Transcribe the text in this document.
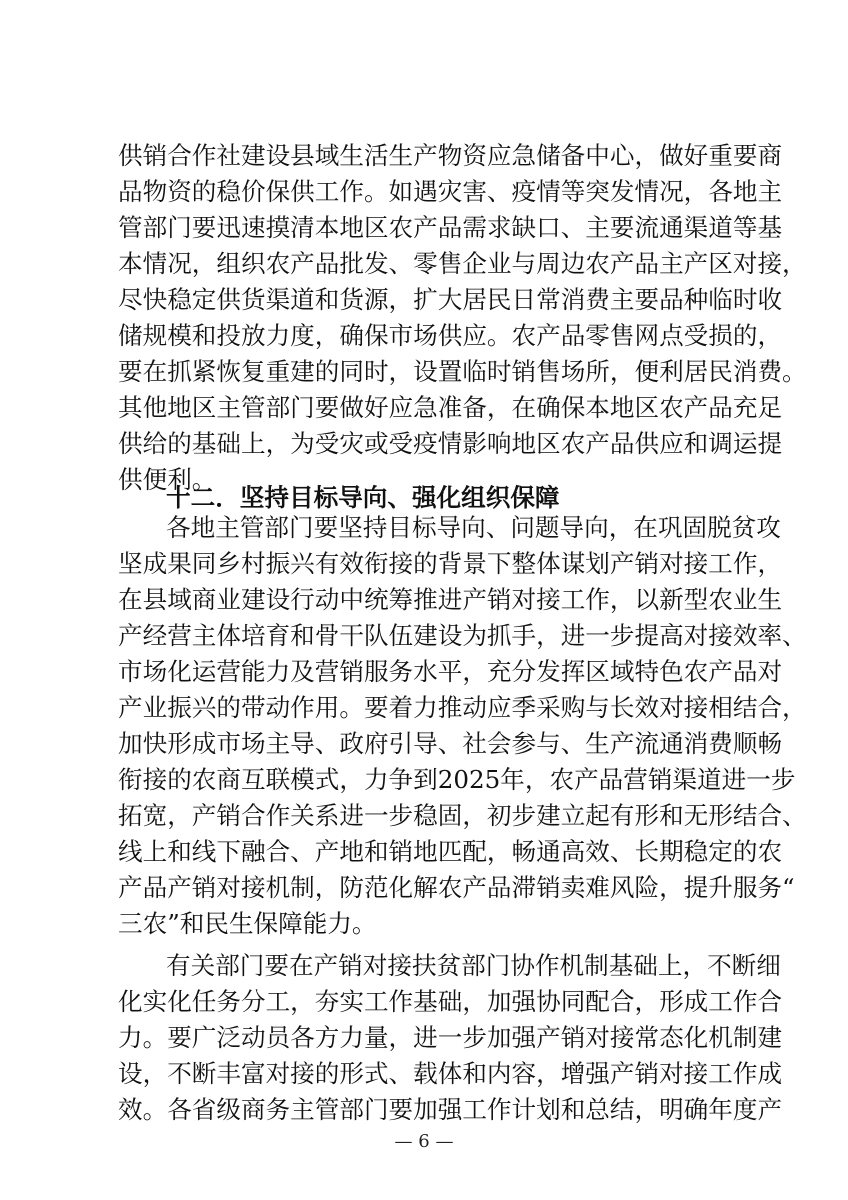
供销合作社建设县域生活生产物资应急储备中心，做好重要商
品物资的稳价保供工作。如遇灾害、疫情等突发情况，各地主
管部门要迅速摸清本地区农产品需求缺口、主要流通渠道等基
本情况，组织农产品批发、零售企业与周边农产品主产区对接，
尽快稳定供货渠道和货源，扩大居民日常消费主要品种临时收
储规模和投放力度，确保市场供应。农产品零售网点受损的，
要在抓紧恢复重建的同时，设置临时销售场所，便利居民消费。
其他地区主管部门要做好应急准备，在确保本地区农产品充足
供给的基础上，为受灾或受疫情影响地区农产品供应和调运提
供便利。
十二．坚持目标导向、强化组织保障
各地主管部门要坚持目标导向、问题导向，在巩固脱贫攻
坚成果同乡村振兴有效衔接的背景下整体谋划产销对接工作，
在县域商业建设行动中统筹推进产销对接工作，以新型农业生
产经营主体培育和骨干队伍建设为抓手，进一步提高对接效率、
市场化运营能力及营销服务水平，充分发挥区域特色农产品对
产业振兴的带动作用。要着力推动应季采购与长效对接相结合，
加快形成市场主导、政府引导、社会参与、生产流通消费顺畅
衔接的农商互联模式，力争到2025年，农产品营销渠道进一步
拓宽，产销合作关系进一步稳固，初步建立起有形和无形结合、
线上和线下融合、产地和销地匹配，畅通高效、长期稳定的农
产品产销对接机制，防范化解农产品滞销卖难风险，提升服务“
三农”和民生保障能力。
有关部门要在产销对接扶贫部门协作机制基础上，不断细
化实化任务分工，夯实工作基础，加强协同配合，形成工作合
力。要广泛动员各方力量，进一步加强产销对接常态化机制建
设，不断丰富对接的形式、载体和内容，增强产销对接工作成
效。各省级商务主管部门要加强工作计划和总结，明确年度产
— 6 —
